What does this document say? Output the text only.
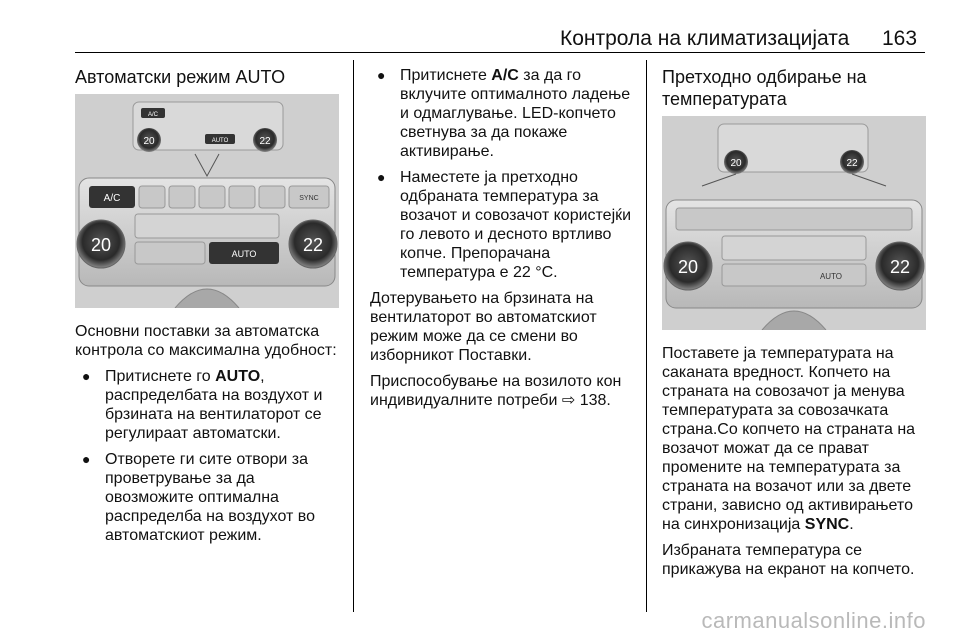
Контрола на климатизацијата 163
Автоматски режим AUTO
A/C
AUTO
20	22
A/C	SYNC
AUTO
20	22

Основни поставки за автоматска контрола со максимална удобност:

● Притиснете го AUTO, распределбата на воздухот и брзината на вентилаторот се регулираат автоматски.
● Отворете ги сите отвори за проветрување за да овозможите оптимална распределба на воздухот во автоматскиот режим.
● Притиснете A/C за да го вклучите оптималното ладење и одмаглување. LED-копчето светнува за да покаже активирање.
● Наместете ја претходно одбраната температура за возачот и совозачот користејќи го левото и десното вртливо копче. Препорачана температура е 22 °C.

Дотерувањето на брзината на вентилаторот во автоматскиот режим може да се смени во изборникот Поставки.

Приспособување на возилото кон индивидуалните потреби ⇨ 138.

Претходно одбирање на температурата
20	22
AUTO
20	22

Поставете ја температурата на саканата вредност. Копчето на страната на совозачот ја менува температурата за совозачката страна.Со копчето на страната на возачот можат да се прават промените на температурата за страната на возачот или за двете страни, зависно од активирањето на синхронизација SYNC.

Избраната температура се прикажува на екранот на копчето.

carmanualsonline.info
